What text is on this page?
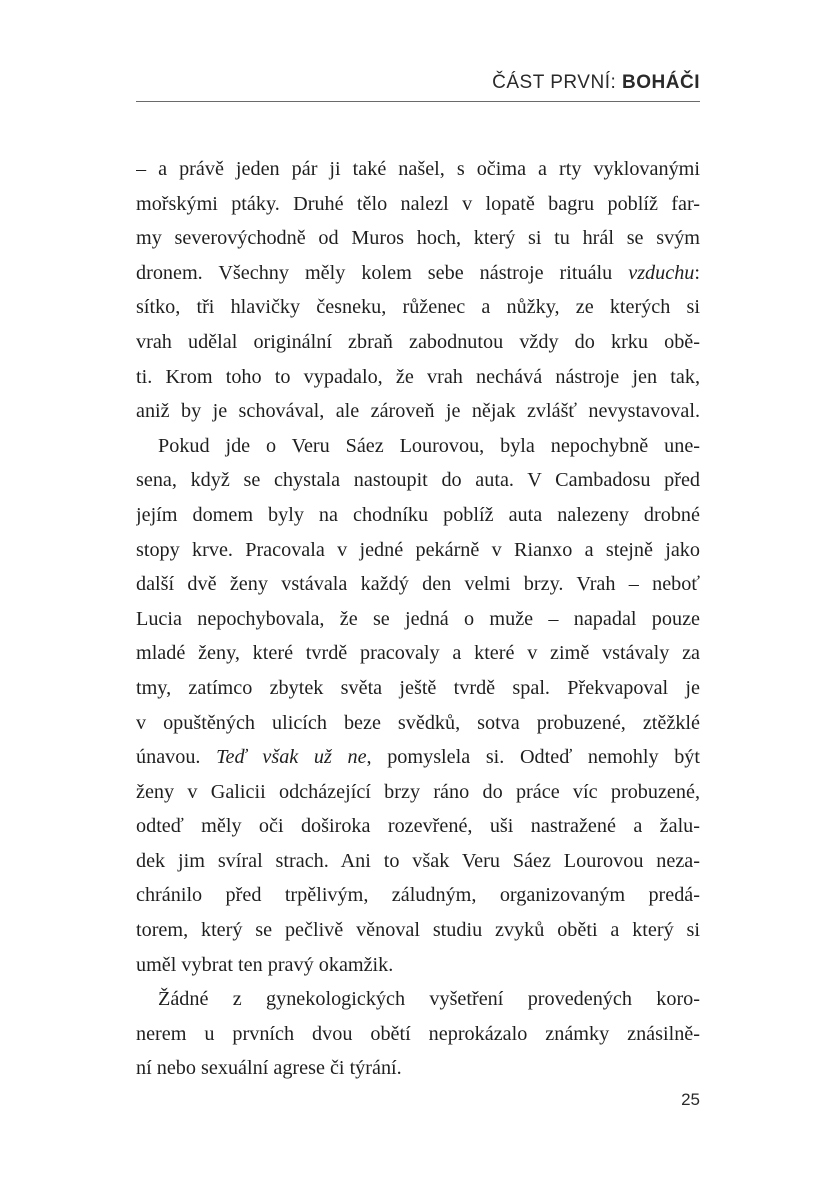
ČÁST PRVNÍ: BOHÁČI

– a právě jeden pár ji také našel, s očima a rty vyklovanými
mořskými ptáky. Druhé tělo nalezl v lopatě bagru poblíž far-
my severovýchodně od Muros hoch, který si tu hrál se svým
dronem. Všechny měly kolem sebe nástroje rituálu vzduchu:
sítko, tři hlavičky česneku, růženec a nůžky, ze kterých si
vrah udělal originální zbraň zabodnutou vždy do krku obě-
ti. Krom toho to vypadalo, že vrah nechává nástroje jen tak,
aniž by je schovával, ale zároveň je nějak zvlášť nevystavoval.

Pokud jde o Veru Sáez Lourovou, byla nepochybně une-
sena, když se chystala nastoupit do auta. V Cambadosu před
jejím domem byly na chodníku poblíž auta nalezeny drobné
stopy krve. Pracovala v jedné pekárně v Rianxo a stejně jako
další dvě ženy vstávala každý den velmi brzy. Vrah – neboť
Lucia nepochybovala, že se jedná o muže – napadal pouze
mladé ženy, které tvrdě pracovaly a které v zimě vstávaly za
tmy, zatímco zbytek světa ještě tvrdě spal. Překvapoval je
v opuštěných ulicích beze svědků, sotva probuzené, ztěžklé
únavou. Teď však už ne, pomyslela si. Odteď nemohly být
ženy v Galicii odcházející brzy ráno do práce víc probuzené,
odteď měly oči doširoka rozevřené, uši nastražené a žalu-
dek jim svíral strach. Ani to však Veru Sáez Lourovou neza-
chránilo před trpělivým, záludným, organizovaným predá-
torem, který se pečlivě věnoval studiu zvyků oběti a který si
uměl vybrat ten pravý okamžik.

Žádné z gynekologických vyšetření provedených koro-
nerem u prvních dvou obětí neprokázalo známky znásilně-
ní nebo sexuální agrese či týrání.

25
